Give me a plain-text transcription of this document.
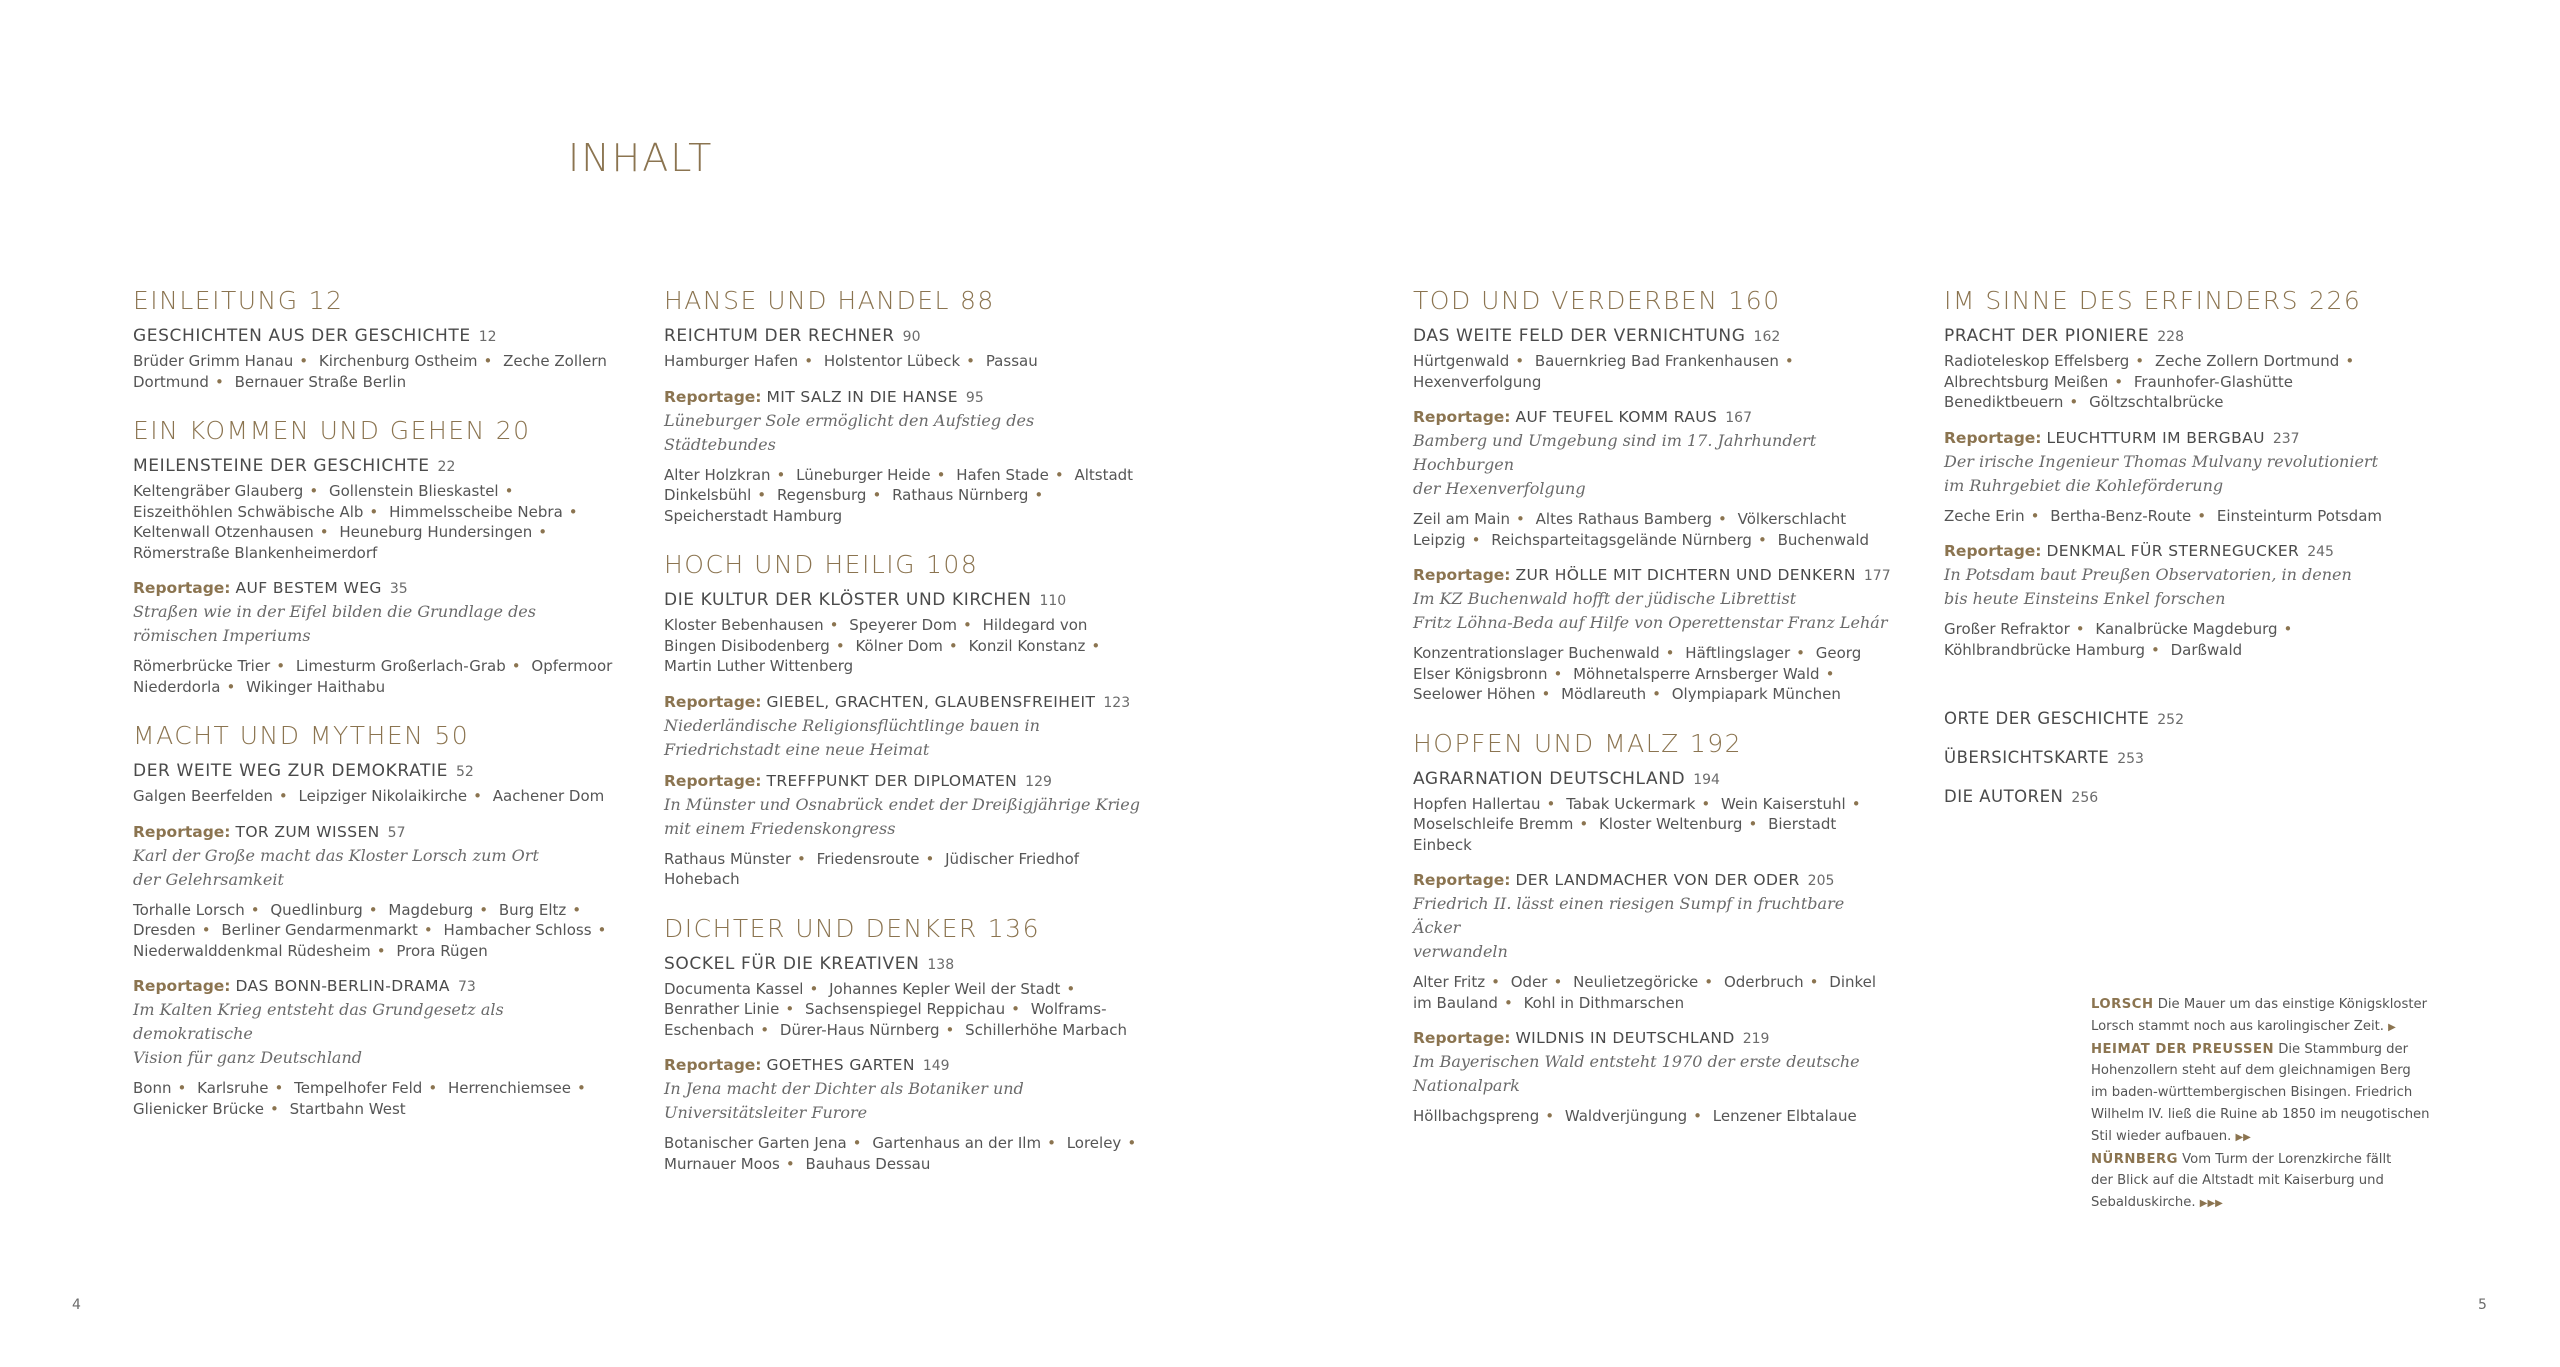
INHALT
EINLEITUNG 12
GESCHICHTEN AUS DER GESCHICHTE 12
Brüder Grimm Hanau • Kirchenburg Ostheim • Zeche Zollern Dortmund • Bernauer Straße Berlin
EIN KOMMEN UND GEHEN 20
MEILENSTEINE DER GESCHICHTE 22
Keltengräber Glauberg • Gollenstein Blieskastel • Eiszeithöhlen Schwäbische Alb • Himmelsscheibe Nebra • Keltenwall Otzenhausen • Heuneburg Hundersingen • Römerstraße Blankenheimerdorf
Reportage: AUF BESTEM WEG 35
Straßen wie in der Eifel bilden die Grundlage des
römischen Imperiums
Römerbrücke Trier • Limesturm Großerlach-Grab • Opfermoor Niederdorla • Wikinger Haithabu
MACHT UND MYTHEN 50
DER WEITE WEG ZUR DEMOKRATIE 52
Galgen Beerfelden • Leipziger Nikolaikirche • Aachener Dom
Reportage: TOR ZUM WISSEN 57
Karl der Große macht das Kloster Lorsch zum Ort
der Gelehrsamkeit
Torhalle Lorsch • Quedlinburg • Magdeburg • Burg Eltz • Dresden • Berliner Gendarmenmarkt • Hambacher Schloss • Niederwalddenkmal Rüdesheim • Prora Rügen
Reportage: DAS BONN-BERLIN-DRAMA 73
Im Kalten Krieg entsteht das Grundgesetz als demokratische
Vision für ganz Deutschland
Bonn • Karlsruhe • Tempelhofer Feld • Herrenchiemsee • Glienicker Brücke • Startbahn West
HANSE UND HANDEL 88
REICHTUM DER RECHNER 90
Hamburger Hafen • Holstentor Lübeck • Passau
Reportage: MIT SALZ IN DIE HANSE 95
Lüneburger Sole ermöglicht den Aufstieg des Städtebundes
Alter Holzkran • Lüneburger Heide • Hafen Stade • Altstadt Dinkelsbühl • Regensburg • Rathaus Nürnberg • Speicherstadt Hamburg
HOCH UND HEILIG 108
DIE KULTUR DER KLÖSTER UND KIRCHEN 110
Kloster Bebenhausen • Speyerer Dom • Hildegard von Bingen Disibodenberg • Kölner Dom • Konzil Konstanz • Martin Luther Wittenberg
Reportage: GIEBEL, GRACHTEN, GLAUBENSFREIHEIT 123
Niederländische Religionsflüchtlinge bauen in
Friedrichstadt eine neue Heimat
Reportage: TREFFPUNKT DER DIPLOMATEN 129
In Münster und Osnabrück endet der Dreißigjährige Krieg
mit einem Friedenskongress
Rathaus Münster • Friedensroute • Jüdischer Friedhof Hohebach
DICHTER UND DENKER 136
SOCKEL FÜR DIE KREATIVEN 138
Documenta Kassel • Johannes Kepler Weil der Stadt • Benrather Linie • Sachsenspiegel Reppichau • Wolframs-Eschenbach • Dürer-Haus Nürnberg • Schillerhöhe Marbach
Reportage: GOETHES GARTEN 149
In Jena macht der Dichter als Botaniker und
Universitätsleiter Furore
Botanischer Garten Jena • Gartenhaus an der Ilm • Loreley • Murnauer Moos • Bauhaus Dessau
TOD UND VERDERBEN 160
DAS WEITE FELD DER VERNICHTUNG 162
Hürtgenwald • Bauernkrieg Bad Frankenhausen • Hexenverfolgung
Reportage: AUF TEUFEL KOMM RAUS 167
Bamberg und Umgebung sind im 17. Jahrhundert Hochburgen
der Hexenverfolgung
Zeil am Main • Altes Rathaus Bamberg • Völkerschlacht Leipzig • Reichsparteitagsgelände Nürnberg • Buchenwald
Reportage: ZUR HÖLLE MIT DICHTERN UND DENKERN 177
Im KZ Buchenwald hofft der jüdische Librettist
Fritz Löhna-Beda auf Hilfe von Operettenstar Franz Lehár
Konzentrationslager Buchenwald • Häftlingslager • Georg Elser Königsbronn • Möhnetalsperre Arnsberger Wald • Seelower Höhen • Mödlareuth • Olympiapark München
HOPFEN UND MALZ 192
AGRARNATION DEUTSCHLAND 194
Hopfen Hallertau • Tabak Uckermark • Wein Kaiserstuhl • Moselschleife Bremm • Kloster Weltenburg • Bierstadt Einbeck
Reportage: DER LANDMACHER VON DER ODER 205
Friedrich II. lässt einen riesigen Sumpf in fruchtbare Äcker
verwandeln
Alter Fritz • Oder • Neulietzegöricke • Oderbruch • Dinkel im Bauland • Kohl in Dithmarschen
Reportage: WILDNIS IN DEUTSCHLAND 219
Im Bayerischen Wald entsteht 1970 der erste deutsche
Nationalpark
Höllbachgspreng • Waldverjüngung • Lenzener Elbtalaue
IM SINNE DES ERFINDERS 226
PRACHT DER PIONIERE 228
Radioteleskop Effelsberg • Zeche Zollern Dortmund • Albrechtsburg Meißen • Fraunhofer-Glashütte Benediktbeuern • Göltzschtalbrücke
Reportage: LEUCHTTURM IM BERGBAU 237
Der irische Ingenieur Thomas Mulvany revolutioniert
im Ruhrgebiet die Kohleförderung
Zeche Erin • Bertha-Benz-Route • Einsteinturm Potsdam
Reportage: DENKMAL FÜR STERNEGUCKER 245
In Potsdam baut Preußen Observatorien, in denen
bis heute Einsteins Enkel forschen
Großer Refraktor • Kanalbrücke Magdeburg • Köhlbrandbrücke Hamburg • Darßwald
ORTE DER GESCHICHTE 252
ÜBERSICHTSKARTE 253
DIE AUTOREN 256
LORSCH Die Mauer um das einstige Königskloster
Lorsch stammt noch aus karolingischer Zeit. ▶
HEIMAT DER PREUSSEN Die Stammburg der
Hohenzollern steht auf dem gleichnamigen Berg
im baden-württembergischen Bisingen. Friedrich
Wilhelm IV. ließ die Ruine ab 1850 im neugotischen
Stil wieder aufbauen. ▶▶
NÜRNBERG Vom Turm der Lorenzkirche fällt
der Blick auf die Altstadt mit Kaiserburg und
Sebalduskirche. ▶▶▶
4	5
